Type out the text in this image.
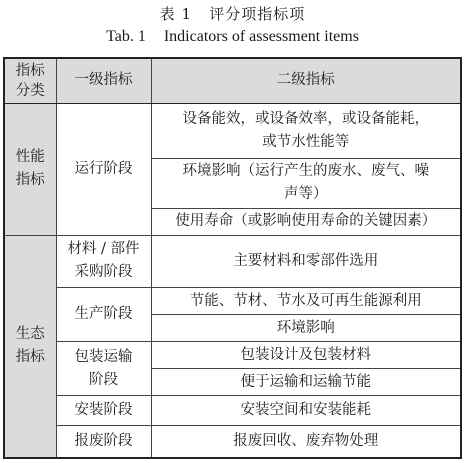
表 1 评分项指标项
Tab. 1 Indicators of assessment items
指标分类	一级指标	二级指标

性能指标	运行阶段	设备能效，或设备效率，或设备能耗，或节水性能等

		环境影响（运行产生的废水、废气、噪声等）

		使用寿命（或影响使用寿命的关键因素）

生态指标	材料 / 部件采购阶段	主要材料和零部件选用
	生产阶段	节能、节材、节水及可再生能源利用
		环境影响

	包装运输阶段	包装设计及包装材料
		便于运输和运输节能
	安装阶段	安装空间和安装能耗
	报废阶段	报废回收、废弃物处理
